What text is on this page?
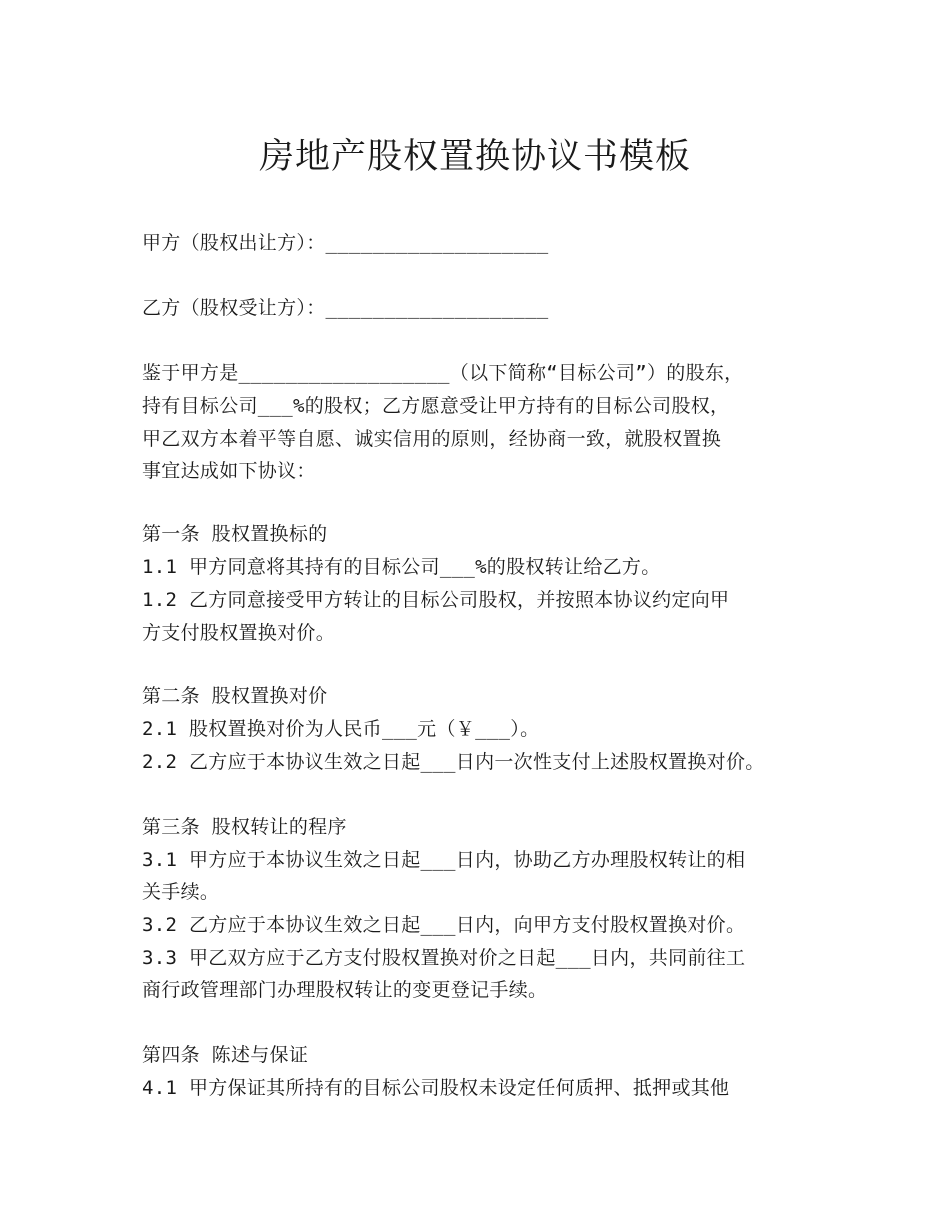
房地产股权置换协议书模板
甲方（股权出让方）：___________________
乙方（股权受让方）：___________________
鉴于甲方是__________________（以下简称“目标公司”）的股东，
持有目标公司___%的股权；乙方愿意受让甲方持有的目标公司股权，
甲乙双方本着平等自愿、诚实信用的原则，经协商一致，就股权置换
事宜达成如下协议：
第一条 股权置换标的
1.1 甲方同意将其持有的目标公司___%的股权转让给乙方。
1.2 乙方同意接受甲方转让的目标公司股权，并按照本协议约定向甲
方支付股权置换对价。
第二条 股权置换对价
2.1 股权置换对价为人民币___元（￥___）。
2.2 乙方应于本协议生效之日起___日内一次性支付上述股权置换对价。
第三条 股权转让的程序
3.1 甲方应于本协议生效之日起___日内，协助乙方办理股权转让的相
关手续。
3.2 乙方应于本协议生效之日起___日内，向甲方支付股权置换对价。
3.3 甲乙双方应于乙方支付股权置换对价之日起___日内，共同前往工
商行政管理部门办理股权转让的变更登记手续。
第四条 陈述与保证
4.1 甲方保证其所持有的目标公司股权未设定任何质押、抵押或其他
